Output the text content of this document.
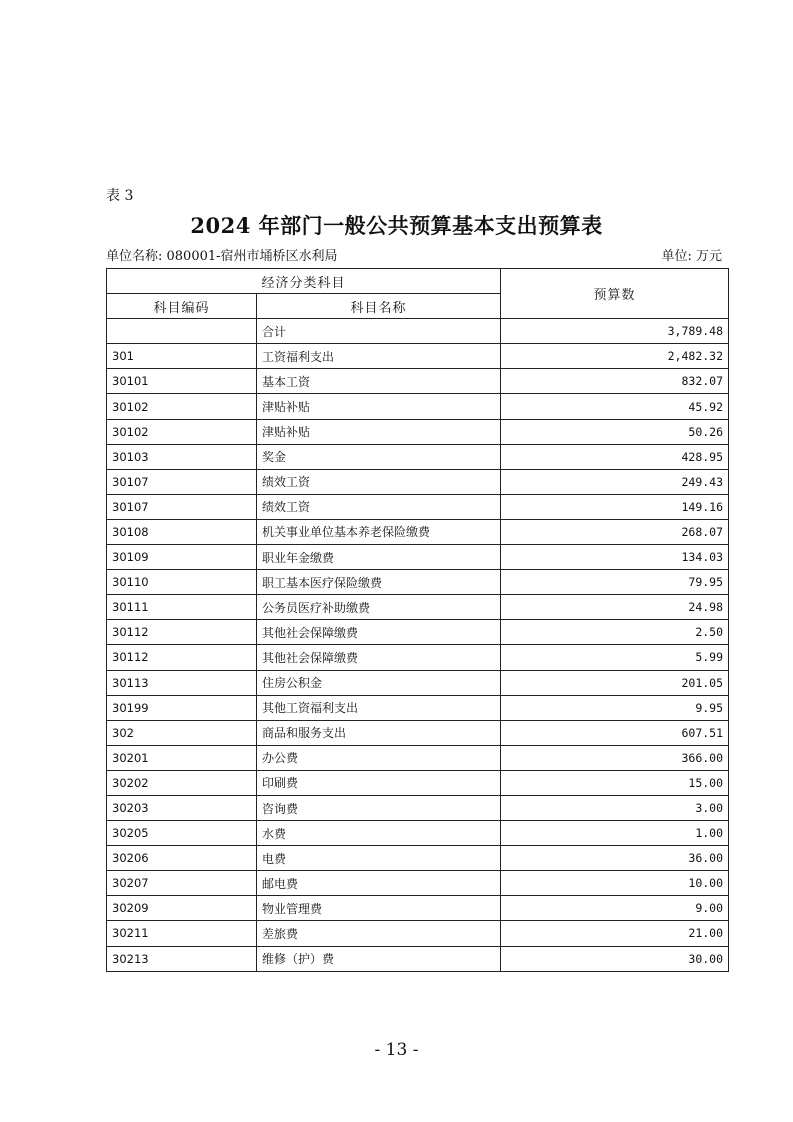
表 3
2024 年部门一般公共预算基本支出预算表
单位名称: 080001-宿州市埇桥区水利局	单位: 万元
经济分类科目		预算数
科目编码	科目名称	
	合计	3,789.48
301	工资福利支出	2,482.32
30101	基本工资	832.07
30102	津贴补贴	45.92
30102	津贴补贴	50.26
30103	奖金	428.95
30107	绩效工资	249.43
30107	绩效工资	149.16
30108	机关事业单位基本养老保险缴费	268.07
30109	职业年金缴费	134.03
30110	职工基本医疗保险缴费	79.95
30111	公务员医疗补助缴费	24.98
30112	其他社会保障缴费	2.50
30112	其他社会保障缴费	5.99
30113	住房公积金	201.05
30199	其他工资福利支出	9.95
302	商品和服务支出	607.51
30201	办公费	366.00
30202	印刷费	15.00
30203	咨询费	3.00
30205	水费	1.00
30206	电费	36.00
30207	邮电费	10.00
30209	物业管理费	9.00
30211	差旅费	21.00
30213	维修（护）费	30.00
- 13 -
